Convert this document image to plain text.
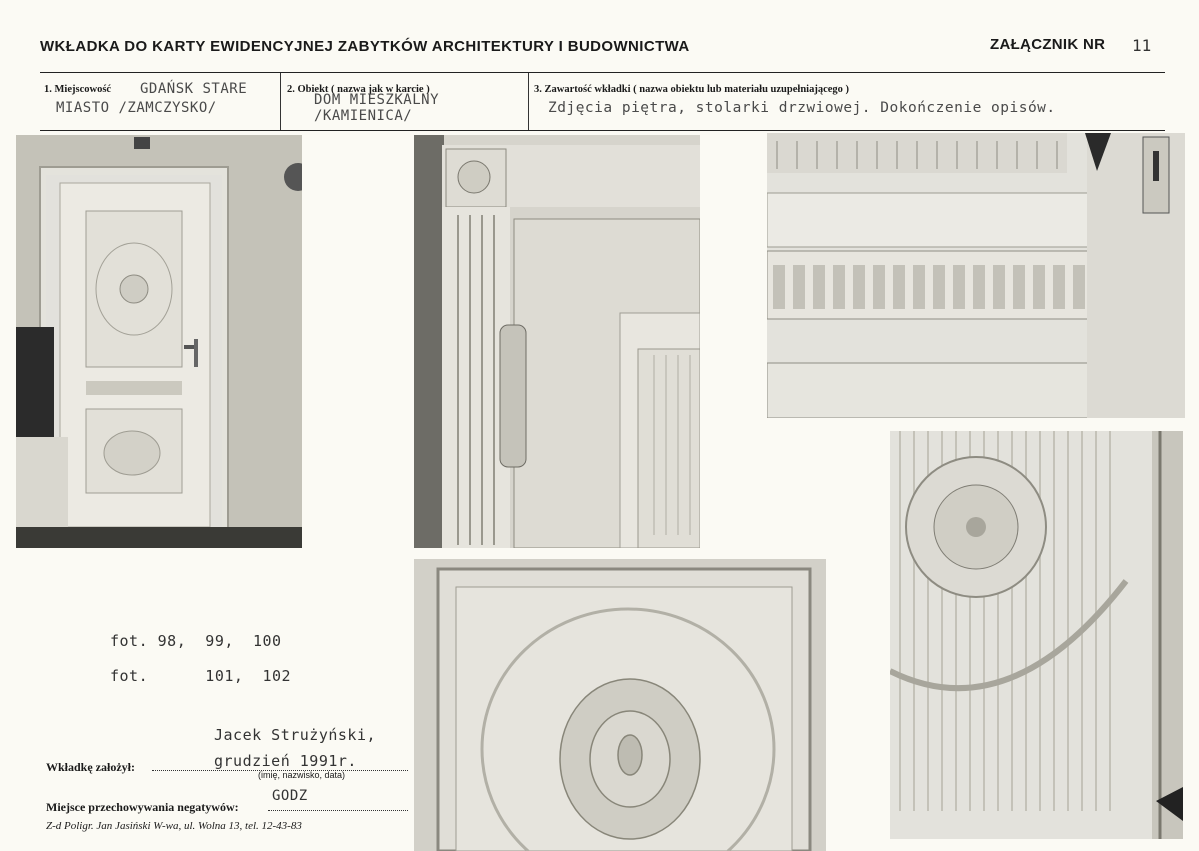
WKŁADKA DO KARTY EWIDENCYJNEJ ZABYTKÓW ARCHITEKTURY I BUDOWNICTWA	ZAŁĄCZNIK NR 11
1. Miejscowość GDAŃSK STARE
MIASTO /ZAMCZYSKO/
2. Obiekt ( nazwa jak w karcie )
DOM MIESZKALNY
/KAMIENICA/
3. Zawartość wkładki ( nazwa obiektu lub materiału uzupełniającego )
Zdjęcia piętra, stolarki drzwiowej. Dokończenie opisów.
fot. 98,  99,  100
fot.      101,  102
Jacek Strużyński,
grudzień 1991r.
Wkładkę założył:
(imię, nazwisko, data)
GODZ
Miejsce przechowywania negatywów:
Z-d Poligr. Jan Jasiński W-wa, ul. Wolna 13, tel. 12-43-83
